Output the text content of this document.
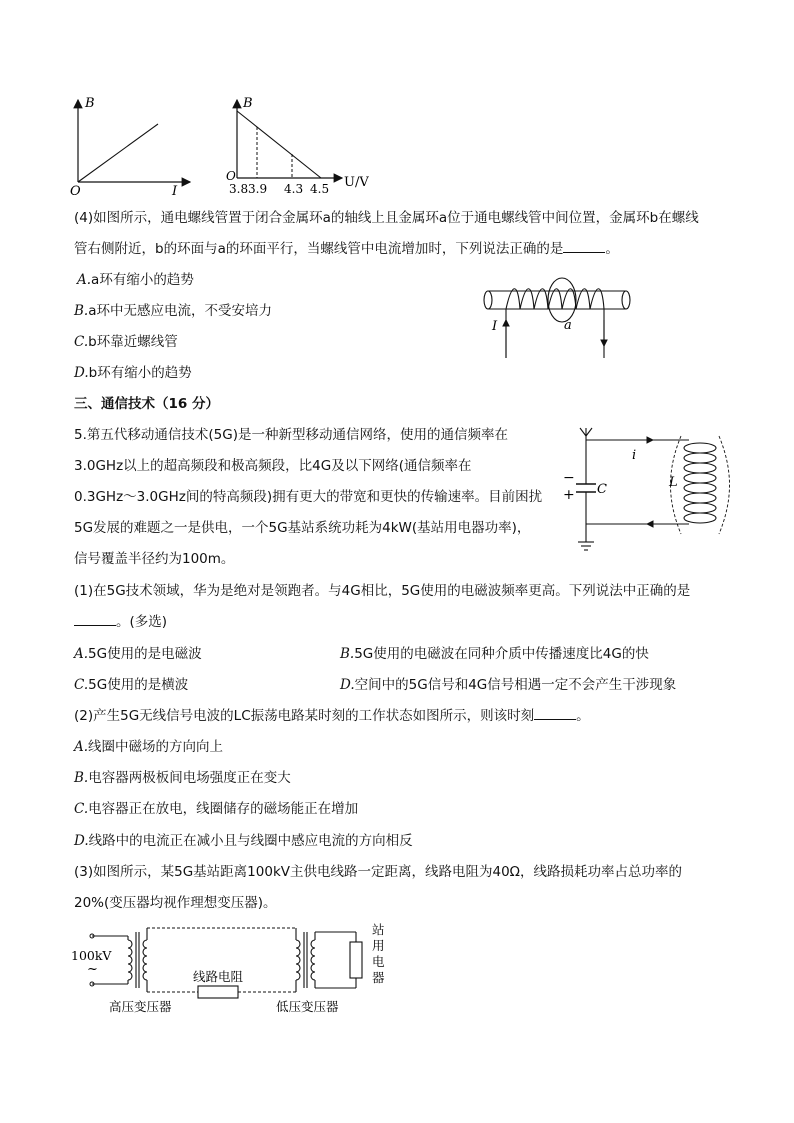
B
I
O
B
O
3.8 3.9 4.3 4.5 U/V
(4)如图所示，通电螺线管置于闭合金属环a的轴线上且金属环a位于通电螺线管中间位置，金属环b在螺线
管右侧附近，b的环面与a的环面平行，当螺线管中电流增加时，下列说法正确的是	。
A.a环有缩小的趋势
B.a环中无感应电流，不受安培力
C.b环靠近螺线管
D.b环有缩小的趋势
I	a
三、通信技术（16 分）
5.第五代移动通信技术(5G)是一种新型移动通信网络，使用的通信频率在
3.0GHz以上的超高频段和极高频段，比4G及以下网络(通信频率在
0.3GHz～3.0GHz间的特高频段)拥有更大的带宽和更快的传输速率。目前困扰
5G发展的难题之一是供电，一个5G基站系统功耗为4kW(基站用电器功率)，
信号覆盖半径约为100m。
i
C	L
−
+
(1)在5G技术领域，华为是绝对是领跑者。与4G相比，5G使用的电磁波频率更高。下列说法中正确的是
。(多选)
A.5G使用的是电磁波	B.5G使用的电磁波在同种介质中传播速度比4G的快
C.5G使用的是横波	D.空间中的5G信号和4G信号相遇一定不会产生干涉现象
(2)产生5G无线信号电波的LC振荡电路某时刻的工作状态如图所示，则该时刻	。
A.线圈中磁场的方向向上
B.电容器两极板间电场强度正在变大
C.电容器正在放电，线圈储存的磁场能正在增加
D.线路中的电流正在减小且与线圈中感应电流的方向相反
(3)如图所示，某5G基站距离100kV主供电线路一定距离，线路电阻为40Ω，线路损耗功率占总功率的
20%(变压器均视作理想变压器)。
100kV
~	线路电阻
高压变压器	低压变压器
站
用
电
器
